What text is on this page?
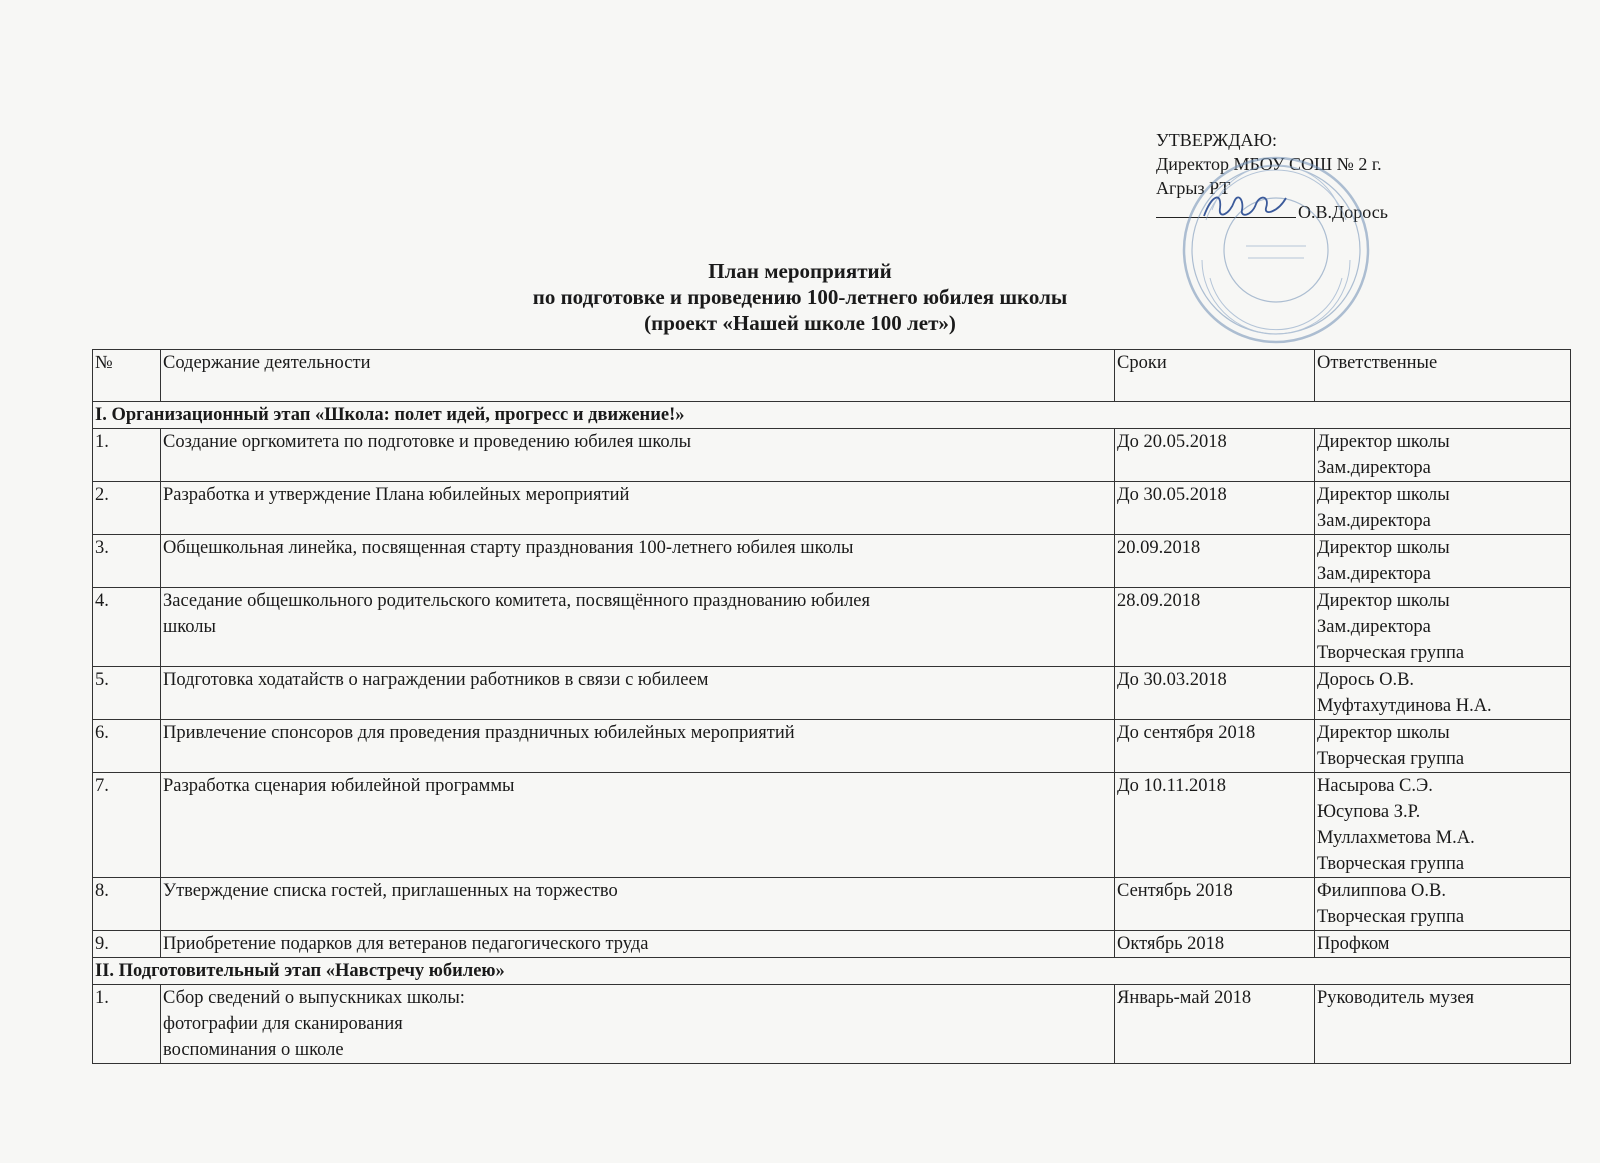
УТВЕРЖДАЮ:
Директор МБОУ СОШ № 2 г.
Агрыз РТ
О.В.Дорось
План мероприятий
по подготовке и проведению 100-летнего юбилея школы
(проект «Нашей школе 100 лет»)
№	Содержание деятельности	Сроки	Ответственные
I. Организационный этап «Школа: полет идей, прогресс и движение!»			
1.	Создание оргкомитета по подготовке и проведению юбилея школы	До 20.05.2018	Директор школы
Зам.директора

2.	Разработка и утверждение Плана юбилейных мероприятий	До 30.05.2018	Директор школы
Зам.директора

3.	Общешкольная линейка, посвященная старту празднования 100-летнего юбилея школы	20.09.2018	Директор школы
Зам.директора

4.	Заседание общешкольного родительского комитета, посвящённого празднованию юбилея
школы	28.09.2018	Директор школы
Зам.директора
Творческая группа

5.	Подготовка ходатайств о награждении работников в связи с юбилеем	До 30.03.2018	Дорось О.В.
Муфтахутдинова Н.А.

6.	Привлечение спонсоров для проведения праздничных юбилейных мероприятий	До сентября 2018	Директор школы
Творческая группа

7.	Разработка сценария юбилейной программы	До 10.11.2018	Насырова С.Э.
Юсупова З.Р.
Муллахметова М.А.
Творческая группа

8.	Утверждение списка гостей, приглашенных на торжество	Сентябрь 2018	Филиппова О.В.
Творческая группа

9.	Приобретение подарков для ветеранов педагогического труда	Октябрь 2018	Профком

II. Подготовительный этап «Навстречу юбилею»			
1.	Сбор сведений о выпускниках школы:
фотографии для сканирования
воспоминания о школе	Январь-май 2018	Руководитель музея
